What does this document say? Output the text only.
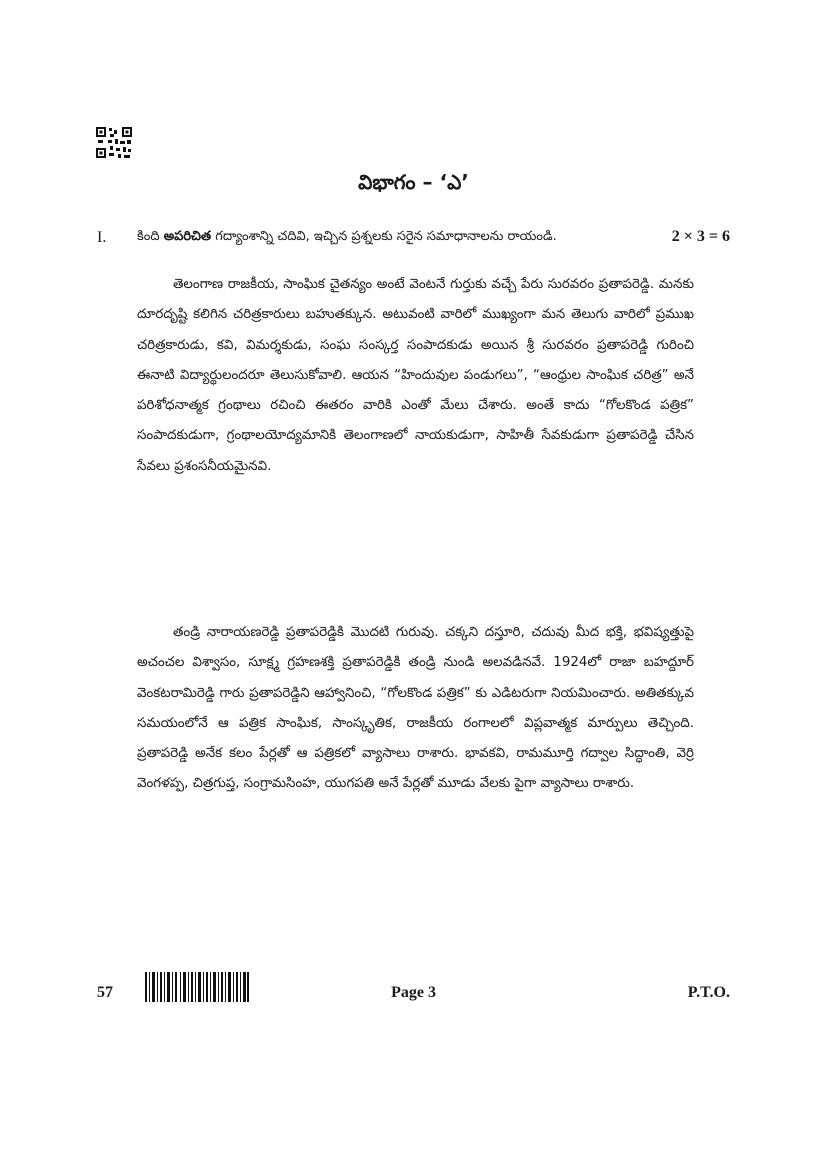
విభాగం – ‘ఎ’
I. కింది అపరిచిత గద్యాంశాన్ని చదివి, ఇచ్చిన ప్రశ్నలకు సరైన సమాధానాలను రాయండి.	2 × 3 = 6

తెలంగాణ రాజకీయ, సాంఘిక చైతన్యం అంటే వెంటనే గుర్తుకు వచ్చే పేరు సురవరం ప్రతాపరెడ్డి. మనకు దూరదృష్టి కలిగిన చరిత్రకారులు బహుతక్కున. అటువంటి వారిలో ముఖ్యంగా మన తెలుగు వారిలో ప్రముఖ చరిత్రకారుడు, కవి, విమర్శకుడు, సంఘ సంస్కర్త సంపాదకుడు అయిన శ్రీ సురవరం ప్రతాపరెడ్డి గురించి ఈనాటి విద్యార్థులందరూ తెలుసుకోవాలి. ఆయన “హిందువుల పండుగలు”, “ఆంధ్రుల సాంఘిక చరిత్ర” అనే పరిశోధనాత్మక గ్రంథాలు రచించి ఈతరం వారికి ఎంతో మేలు చేశారు. అంతే కాదు “గోలకొండ పత్రిక” సంపాదకుడుగా, గ్రంథాలయోద్యమానికి తెలంగాణలో నాయకుడుగా, సాహితీ సేవకుడుగా ప్రతాపరెడ్డి చేసిన సేవలు ప్రశంసనీయమైనవి.

తండ్రి నారాయణరెడ్డి ప్రతాపరెడ్డికి మొదటి గురువు. చక్కని దస్తూరి, చదువు మీద భక్తి, భవిష్యత్తుపై అచంచల విశ్వాసం, సూక్ష్మ గ్రహణశక్తి ప్రతాపరెడ్డికి తండ్రి నుండి అలవడినవే. 1924లో రాజా బహద్దూర్ వెంకటరామిరెడ్డి గారు ప్రతాపరెడ్డిని ఆహ్వానించి, “గోలకొండ పత్రిక” కు ఎడిటరుగా నియమించారు. అతితక్కువ సమయంలోనే ఆ పత్రిక సాంఘిక, సాంస్కృతిక, రాజకీయ రంగాలలో విప్లవాత్మక మార్పులు తెచ్చింది. ప్రతాపరెడ్డి అనేక కలం పేర్లతో ఆ పత్రికలో వ్యాసాలు రాశారు. భావకవి, రామమూర్తి గద్వాల సిద్ధాంతి, వెర్రి వెంగళప్ప, చిత్రగుప్త, సంగ్రామసింహ, యుగపతి అనే పేర్లతో మూడు వేలకు పైగా వ్యాసాలు రాశారు.

57	Page 3	P.T.O.
